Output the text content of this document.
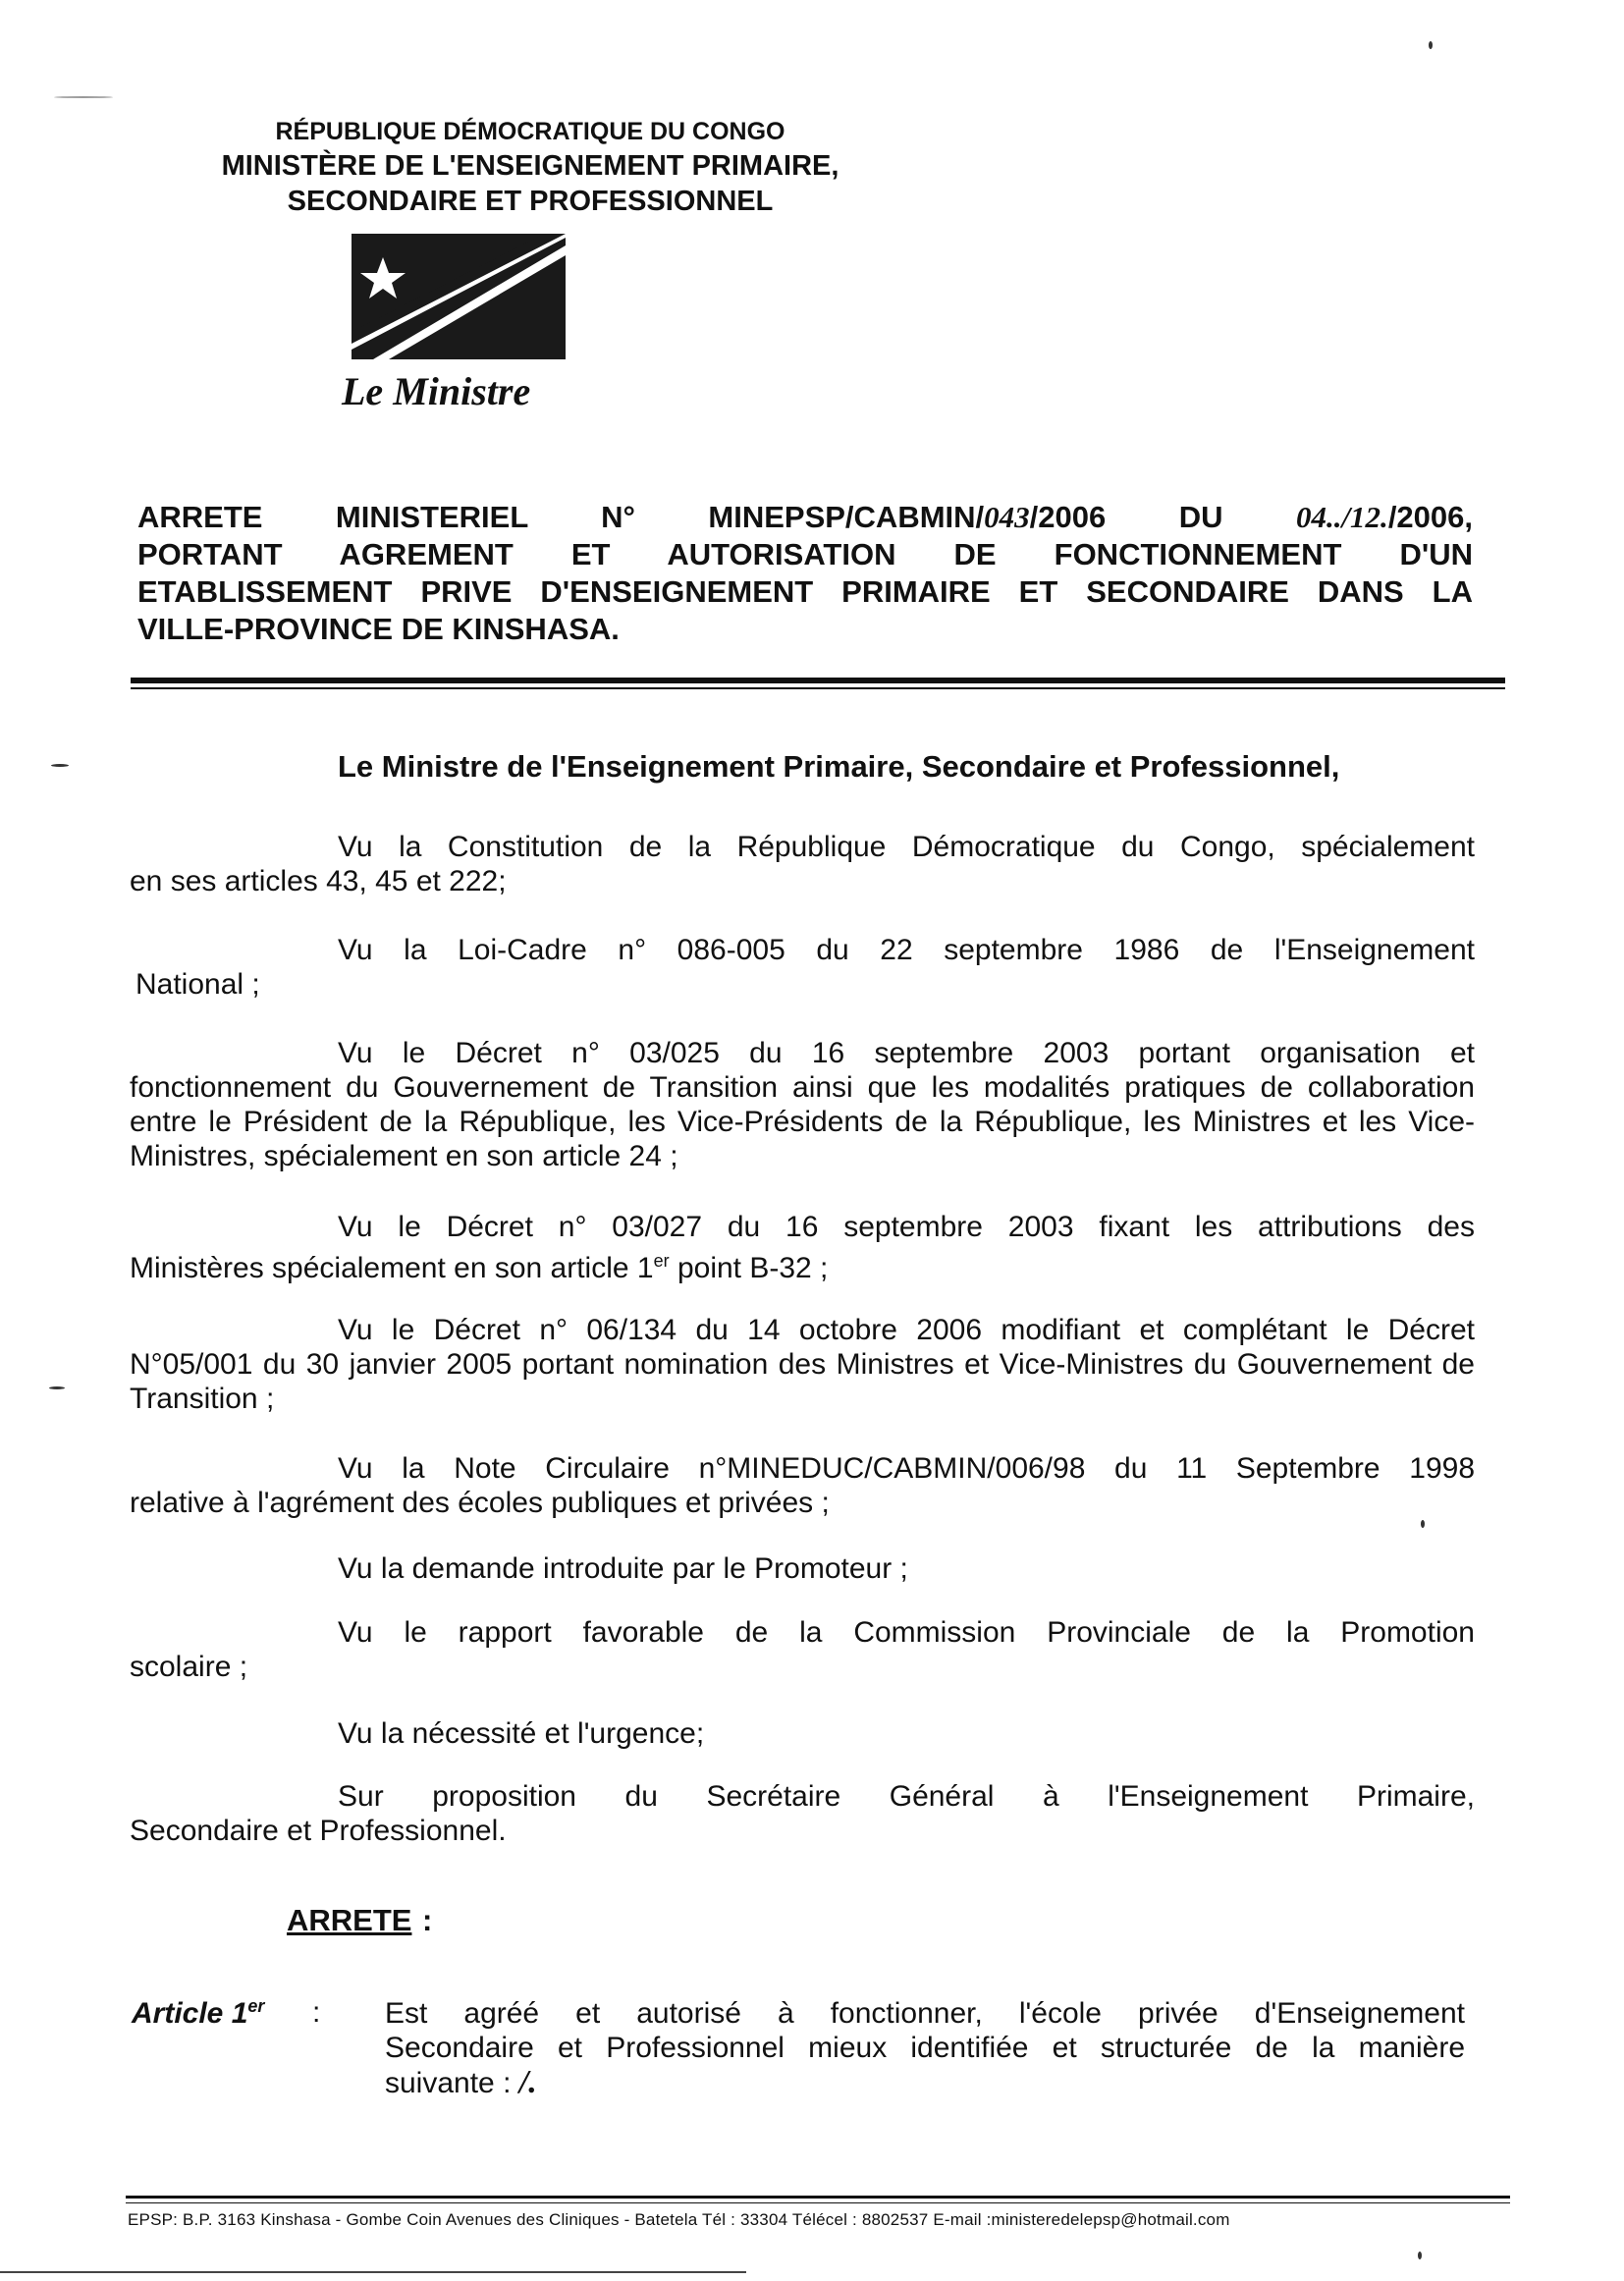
RÉPUBLIQUE DÉMOCRATIQUE DU CONGO
MINISTÈRE DE L'ENSEIGNEMENT PRIMAIRE,
SECONDAIRE ET PROFESSIONNEL
Le Ministre
ARRETE MINISTERIEL N° MINEPSP/CABMIN/043/2006 DU 04../12./2006,
PORTANT AGREMENT ET AUTORISATION DE FONCTIONNEMENT D'UN
ETABLISSEMENT PRIVE D'ENSEIGNEMENT PRIMAIRE ET SECONDAIRE DANS LA
VILLE-PROVINCE DE KINSHASA.
Le Ministre de l'Enseignement Primaire, Secondaire et Professionnel,
Vu la Constitution de la République Démocratique du Congo, spécialement
en ses articles 43, 45 et 222;
Vu la Loi-Cadre n° 086-005 du 22 septembre 1986 de l'Enseignement
National ;
Vu le Décret n° 03/025 du 16 septembre 2003 portant organisation et
fonctionnement du Gouvernement de Transition ainsi que les modalités pratiques de collaboration entre le Président de la République, les Vice-Présidents de la République, les Ministres et les Vice-Ministres, spécialement en son article 24 ;
Vu le Décret n° 03/027 du 16 septembre 2003 fixant les attributions des
Ministères spécialement en son article 1er point B-32 ;
Vu le Décret n° 06/134 du 14 octobre 2006 modifiant et complétant le Décret
N°05/001 du 30 janvier 2005 portant nomination des Ministres et Vice-Ministres du Gouvernement de Transition ;
Vu la Note Circulaire n°MINEDUC/CABMIN/006/98 du 11 Septembre 1998
relative à l'agrément des écoles publiques et privées ;
Vu la demande introduite par le Promoteur ;
Vu le rapport favorable de la Commission Provinciale de la Promotion
scolaire ;
Vu la nécessité et l'urgence;
Sur proposition du Secrétaire Général à l'Enseignement Primaire,
Secondaire et Professionnel.
ARRETE :
Article 1er : Est agréé et autorisé à fonctionner, l'école privée d'Enseignement
Secondaire et Professionnel mieux identifiée et structurée de la manière
suivante : /.
EPSP: B.P. 3163 Kinshasa - Gombe Coin Avenues des Cliniques - Batetela Tél : 33304 Télécel : 8802537 E-mail :ministeredelepsp@hotmail.com
